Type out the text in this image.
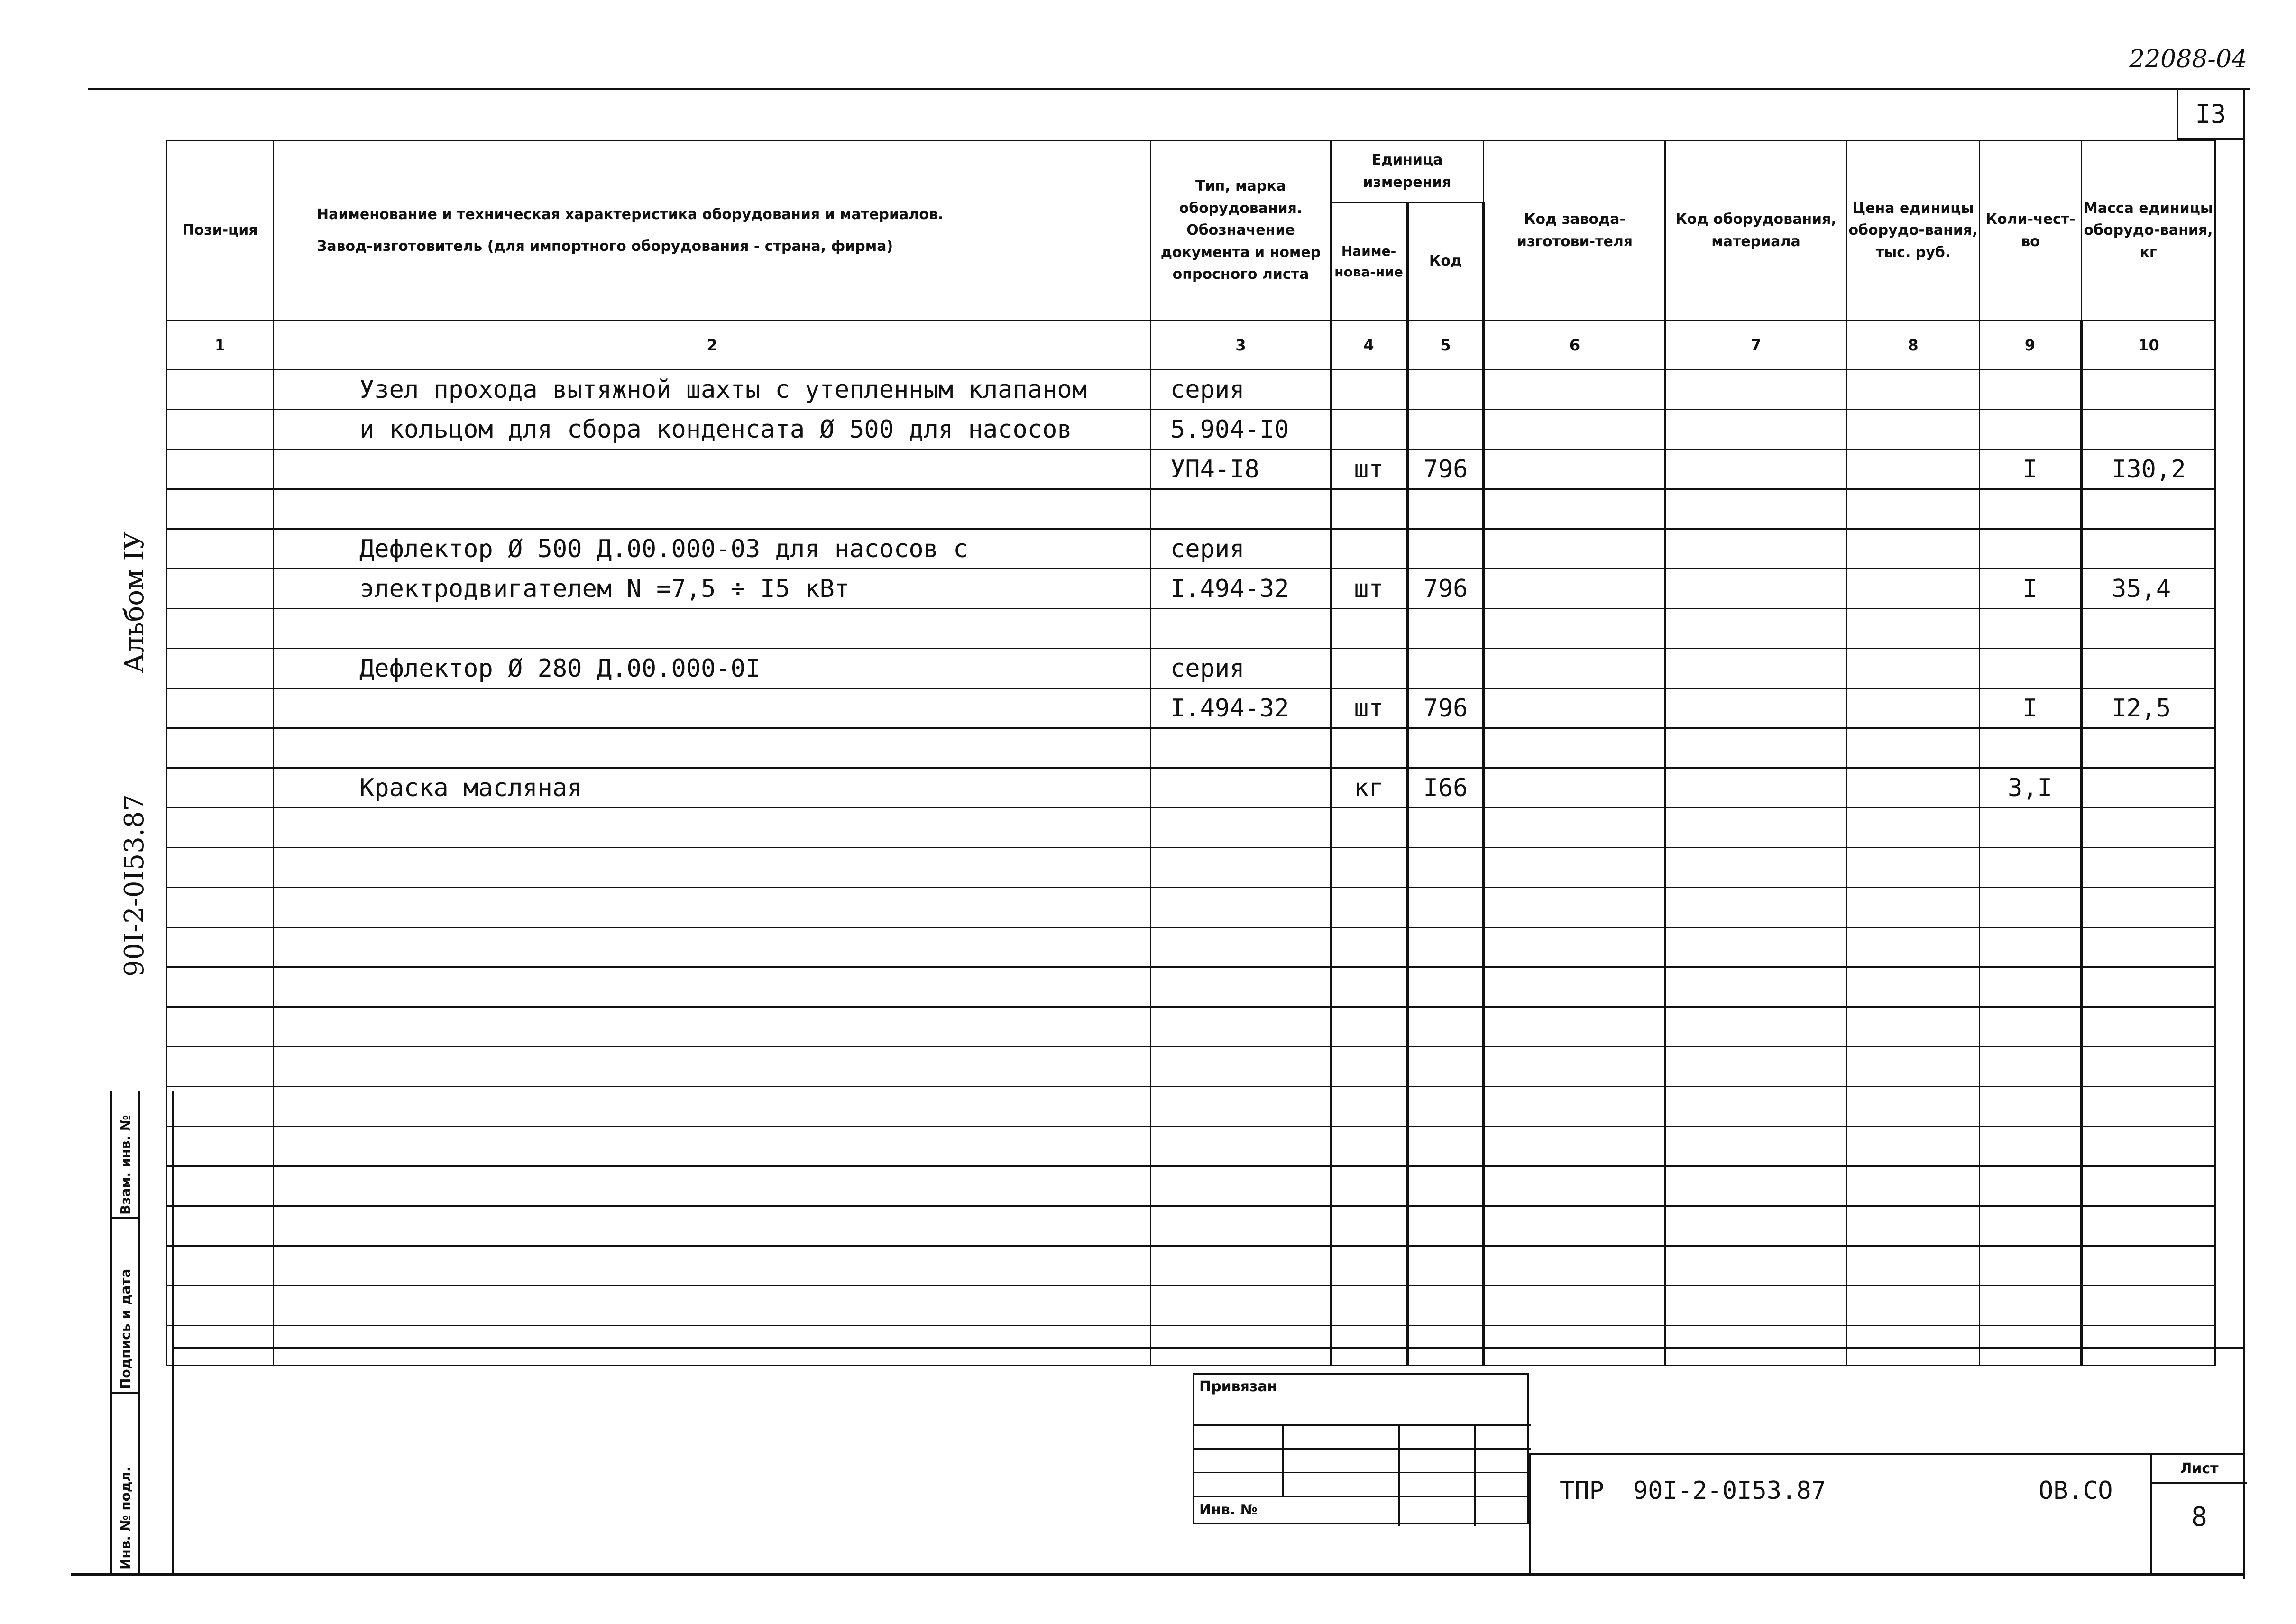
22088-04
I3
90I-2-0I53.87
Альбом IУ
Пози-ция	Наименование и техническая характеристика оборудования и материалов.
Завод-изготовитель (для импортного оборудования - страна, фирма)	Тип, марка оборудования. Обозначение документа и номер опросного листа	Единица измерения		Код завода-изготови-теля	Код оборудования, материала	Цена единицы оборудо-вания, тыс. руб.	Коли-чест-во	Масса единицы оборудо-вания, кг
			Наиме-нова-ние	Код					
1	2	3	4	5	6	7	8	9	10
	Узел прохода вытяжной шахты с утепленным клапаном	серия							
	и кольцом для сбора конденсата Ø 500 для насосов	5.904-I0							
		УП4-I8	шт	796				I	I30,2

	Дефлектор Ø 500 Д.00.000-03 для насосов с	серия							
	электродвигателем N =7,5 ÷ I5 кВт	I.494-32	шт	796				I	35,4

	Дефлектор Ø 280 Д.00.000-0I	серия							
		I.494-32	шт	796				I	I2,5

	Краска масляная		кг	I66				3,I	

Взам. инв. №
Подпись и дата
Инв. № подл.
Привязан
Инв. №
ТПР 90I-2-0I53.87	ОВ.СО
Лист
8
